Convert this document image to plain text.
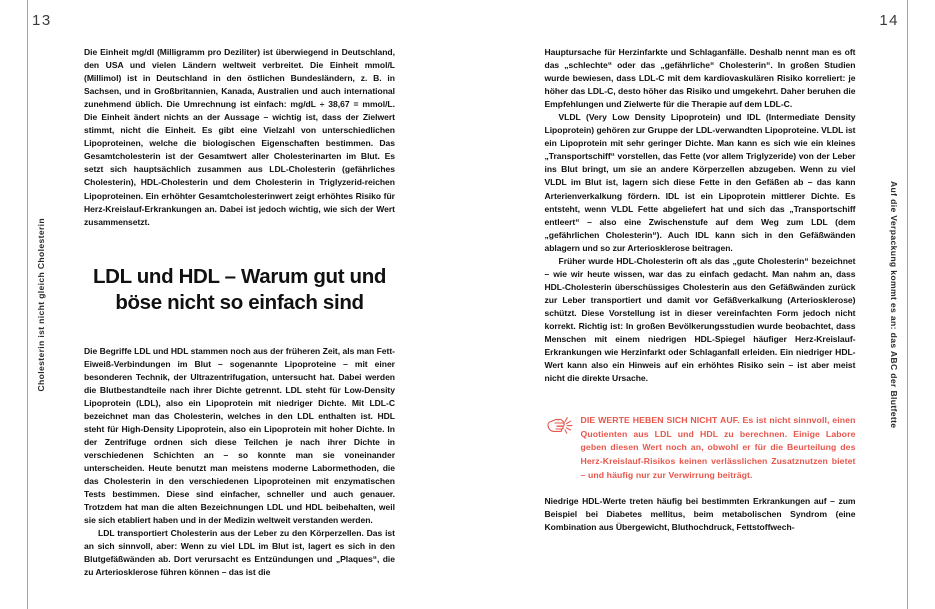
13
Cholesterin ist nicht gleich Cholesterin

Die Einheit mg/dl (Milligramm pro Deziliter) ist überwiegend in Deutschland, den USA und vielen Ländern weltweit verbreitet. Die Einheit mmol/L (Millimol) ist in Deutschland in den östlichen Bundesländern, z. B. in Sachsen, und in Großbritannien, Kanada, Australien und auch international zunehmend üblich. Die Umrechnung ist einfach: mg/dL ÷ 38,67 = mmol/L. Die Einheit ändert nichts an der Aussage – wichtig ist, dass der Zielwert stimmt, nicht die Einheit. Es gibt eine Vielzahl von unterschiedlichen Lipoproteinen, welche die biologischen Eigenschaften bestimmen. Das Gesamtcholesterin ist der Gesamtwert aller Cholesterinarten im Blut. Es setzt sich hauptsächlich zusammen aus LDL-Cholesterin (gefährliches Cholesterin), HDL-Cholesterin und dem Cholesterin in Triglyzerid-reichen Lipoproteinen. Ein erhöhter Gesamtcholesterinwert zeigt erhöhtes Risiko für Herz-Kreislauf-Erkrankungen an. Dabei ist jedoch wichtig, wie sich der Wert zusammensetzt.

LDL und HDL – Warum gut und böse nicht so einfach sind

Die Begriffe LDL und HDL stammen noch aus der früheren Zeit, als man Fett-Eiweiß-Verbindungen im Blut – sogenannte Lipoproteine – mit einer besonderen Technik, der Ultrazentrifugation, untersucht hat. Dabei werden die Blutbestandteile nach ihrer Dichte getrennt. LDL steht für Low-Density Lipoprotein (LDL), also ein Lipoprotein mit niedriger Dichte. Mit LDL-C bezeichnet man das Cholesterin, welches in den LDL enthalten ist. HDL steht für High-Density Lipoprotein, also ein Lipoprotein mit hoher Dichte. In der Zentrifuge ordnen sich diese Teilchen je nach ihrer Dichte in verschiedenen Schichten an – so konnte man sie voneinander unterscheiden. Heute benutzt man meistens moderne Labormethoden, die das Cholesterin in den verschiedenen Lipoproteinen mit enzymatischen Tests bestimmen. Diese sind einfacher, schneller und auch genauer. Trotzdem hat man die alten Bezeichnungen LDL und HDL beibehalten, weil sie sich etabliert haben und in der Medizin weltweit verstanden werden.

LDL transportiert Cholesterin aus der Leber zu den Körperzellen. Das ist an sich sinnvoll, aber: Wenn zu viel LDL im Blut ist, lagert es sich in den Blutgefäßwänden ab. Dort verursacht es Entzündungen und „Plaques“, die zu Arteriosklerose führen können – das ist die

14
Auf die Verpackung kommt es an: das ABC der Blutfette

Hauptursache für Herzinfarkte und Schlaganfälle. Deshalb nennt man es oft das „schlechte“ oder das „gefährliche“ Cholesterin“. In großen Studien wurde bewiesen, dass LDL-C mit dem kardiovaskulären Risiko korreliert: je höher das LDL-C, desto höher das Risiko und umgekehrt. Daher beruhen die Empfehlungen und Zielwerte für die Therapie auf dem LDL-C.

VLDL (Very Low Density Lipoprotein) und IDL (Intermediate Density Lipoprotein) gehören zur Gruppe der LDL-verwandten Lipoproteine. VLDL ist ein Lipoprotein mit sehr geringer Dichte. Man kann es sich wie ein kleines „Transportschiff“ vorstellen, das Fette (vor allem Triglyzeride) von der Leber ins Blut bringt, um sie an andere Körperzellen abzugeben. Wenn zu viel VLDL im Blut ist, lagern sich diese Fette in den Gefäßen ab – das kann Arterienverkalkung fördern. IDL ist ein Lipoprotein mittlerer Dichte. Es entsteht, wenn VLDL Fette abgeliefert hat und sich das „Transportschiff entleert“ – also eine Zwischenstufe auf dem Weg zum LDL (dem „gefährlichen Cholesterin“). Auch IDL kann sich in den Gefäßwänden ablagern und so zur Arteriosklerose beitragen.

Früher wurde HDL-Cholesterin oft als das „gute Cholesterin“ bezeichnet – wie wir heute wissen, war das zu einfach gedacht. Man nahm an, dass HDL-Cholesterin überschüssiges Cholesterin aus den Gefäßwänden zurück zur Leber transportiert und damit vor Gefäßverkalkung (Arteriosklerose) schützt. Diese Vorstellung ist in dieser vereinfachten Form jedoch nicht korrekt. Richtig ist: In großen Bevölkerungsstudien wurde beobachtet, dass Menschen mit einem niedrigen HDL-Spiegel häufiger Herz-Kreislauf-Erkrankungen wie Herzinfarkt oder Schlaganfall erleiden. Ein niedriger HDL-Wert kann also ein Hinweis auf ein erhöhtes Risiko sein – ist aber meist nicht die direkte Ursache.

DIE WERTE HEBEN SICH NICHT AUF. Es ist nicht sinnvoll, einen Quotienten aus LDL und HDL zu berechnen. Einige Labore geben diesen Wert noch an, obwohl er für die Beurteilung des Herz-Kreislauf-Risikos keinen verlässlichen Zusatznutzen bietet – und häufig nur zur Verwirrung beiträgt.

Niedrige HDL-Werte treten häufig bei bestimmten Erkrankungen auf – zum Beispiel bei Diabetes mellitus, beim metabolischen Syndrom (eine Kombination aus Übergewicht, Bluthochdruck, Fettstoffwech-
